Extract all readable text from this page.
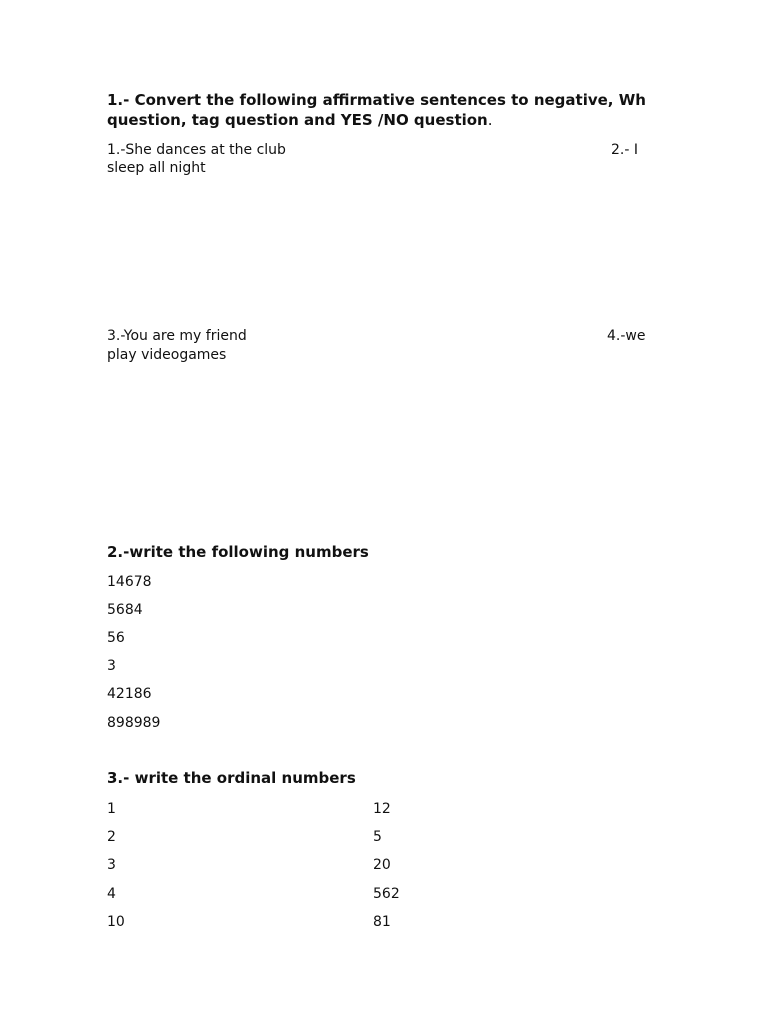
1.- Convert the following affirmative sentences to negative, Wh
question, tag question and YES /NO question.
1.-She dances at the club	2.- I
sleep all night
3.-You are my friend	4.-we
play videogames
2.-write the following numbers
14678
5684
56
3
42186
898989
3.- write the ordinal numbers
1
2
3
4
10
12
5
20
562
81
